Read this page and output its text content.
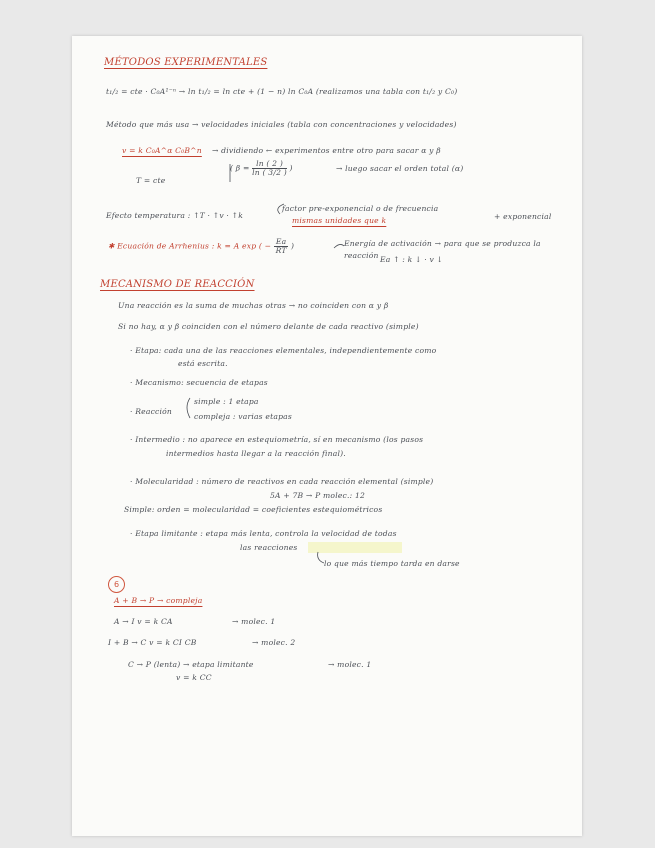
MÉTODOS EXPERIMENTALES
t₁/₂ = cte · C₀A¹⁻ⁿ → ln t₁/₂ = ln cte + (1 − n) ln C₀A (realizamos una tabla con t₁/₂ y C₀)
Método que más usa → velocidades iniciales (tabla con concentraciones y velocidades)
v = k C₀A^α C₀B^n → dividiendo ← experimentos entre otro para sacar α y β
( $\beta = \frac{\ln ( 2 )}{\ln ( 3/2 )}$ )	→ luego sacar el orden total (α)
T = cte
factor pre-exponencial o de frecuencia
mismas unidades que k	+ exponencial
Efecto temperatura : ↑T · ↑v · ↑k
✱ Ecuación de Arrhenius : k = A exp ( − $\frac{Ea}{RT}$ )	Energía de activación → para que se produzca la reacción Ea ↑ : k ↓ · v ↓
MECANISMO DE REACCIÓN
Una reacción es la suma de muchas otras → no coinciden con α y β
Si no hay, α y β coinciden con el número delante de cada reactivo (simple)
· Etapa: cada una de las reacciones elementales, independientemente como
está escrita.
· Mecanismo: secuencia de etapas
· Reacción
simple : 1 etapa
compleja : varias etapas
· Intermedio : no aparece en estequiometría, sí en mecanismo (los pasos
intermedios hasta llegar a la reacción final).
· Molecularidad : número de reactivos en cada reacción elemental (simple)
5A + 7B → P molec.: 12
Simple: orden = molecularidad = coeficientes estequiométricos
· Etapa limitante : etapa más lenta, controla la velocidad de todas
las reacciones
lo que más tiempo tarda en darse
6
A + B → P → compleja
A → I v = k CA	→ molec. 1
I + B → C v = k CI CB	→ molec. 2
C → P (lenta) → etapa limitante	→ molec. 1
v = k CC
